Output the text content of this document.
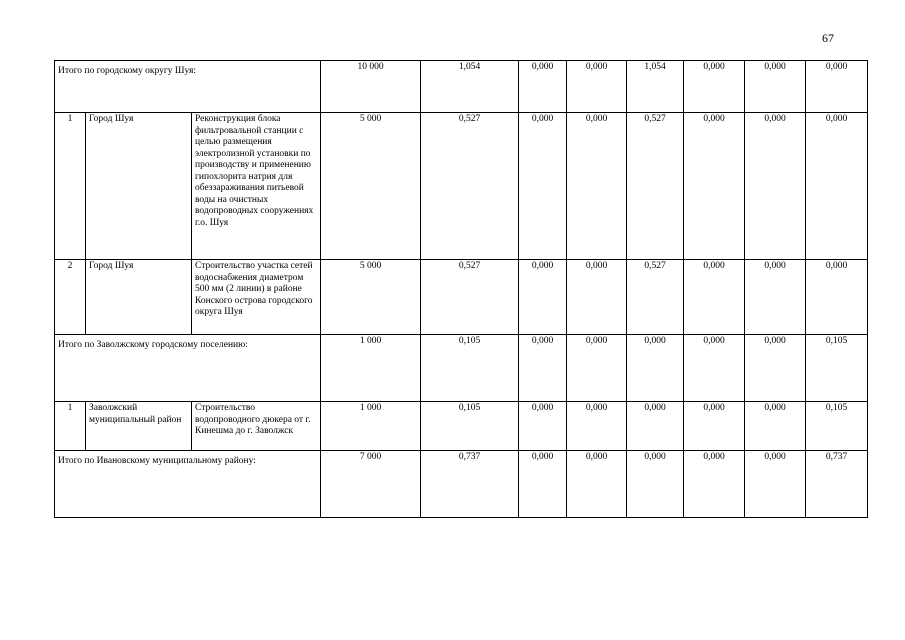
67
Итого по городскому округу Шуя:			10 000	1,054	0,000	0,000	1,054	0,000	0,000	0,000
1	Город Шуя	Реконструкция блока фильтровальной станции с целью размещения электролизной установки по производству и применению гипохлорита натрия для обеззараживания питьевой воды на очистных водопроводных сооружениях г.о. Шуя	5 000	0,527	0,000	0,000	0,527	0,000	0,000	0,000
2	Город Шуя	Строительство участка сетей водоснабжения диаметром 500 мм (2 линии) в районе Конского острова городского округа Шуя	5 000	0,527	0,000	0,000	0,527	0,000	0,000	0,000
Итого по Заволжскому городскому поселению:			1 000	0,105	0,000	0,000	0,000	0,000	0,000	0,105
1	Заволжский муниципальный район	Строительство водопроводного дюкера от г. Кинешма до г. Заволжск	1 000	0,105	0,000	0,000	0,000	0,000	0,000	0,105
Итого по Ивановскому муниципальному району:			7 000	0,737	0,000	0,000	0,000	0,000	0,000	0,737
